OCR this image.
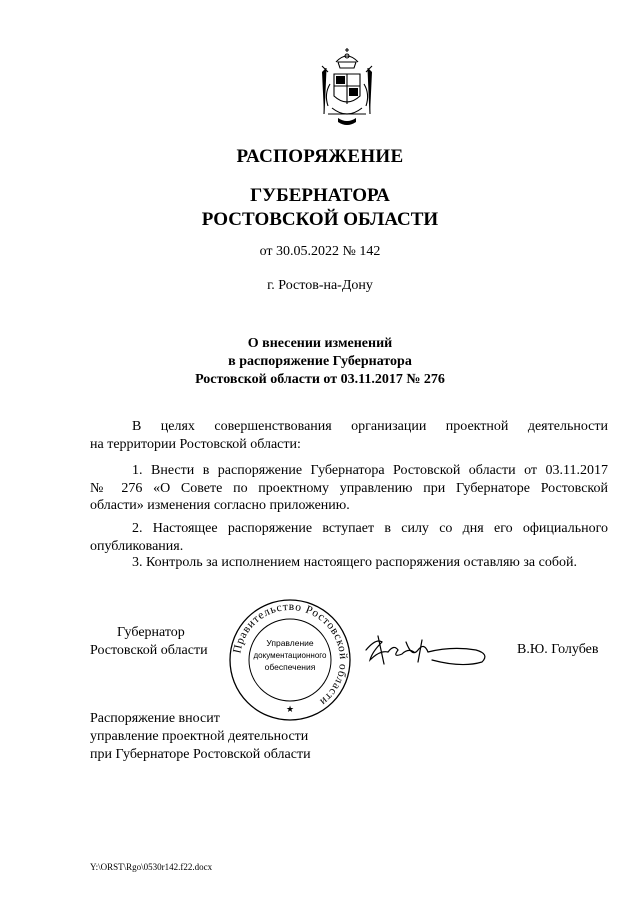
РАСПОРЯЖЕНИЕ
ГУБЕРНАТОРА
РОСТОВСКОЙ ОБЛАСТИ
от 30.05.2022 № 142
г. Ростов-на-Дону
О внесении изменений
в распоряжение Губернатора
Ростовской области от 03.11.2017 № 276
В целях совершенствования организации проектной деятельности
на территории Ростовской области:
1. Внести в распоряжение Губернатора Ростовской области от 03.11.2017
№ 276 «О Совете по проектному управлению при Губернаторе Ростовской
области» изменения согласно приложению.
2. Настоящее распоряжение вступает в силу со дня его официального
опубликования.
3. Контроль за исполнением настоящего распоряжения оставляю за собой.
Губернатор
Ростовской области Правительство Ростовской области
Управление
документационного
обеспечения
★
В.Ю. Голубев
Распоряжение вносит
управление проектной деятельности
при Губернаторе Ростовской области
Y:\ORST\Rgo\0530r142.f22.docx
